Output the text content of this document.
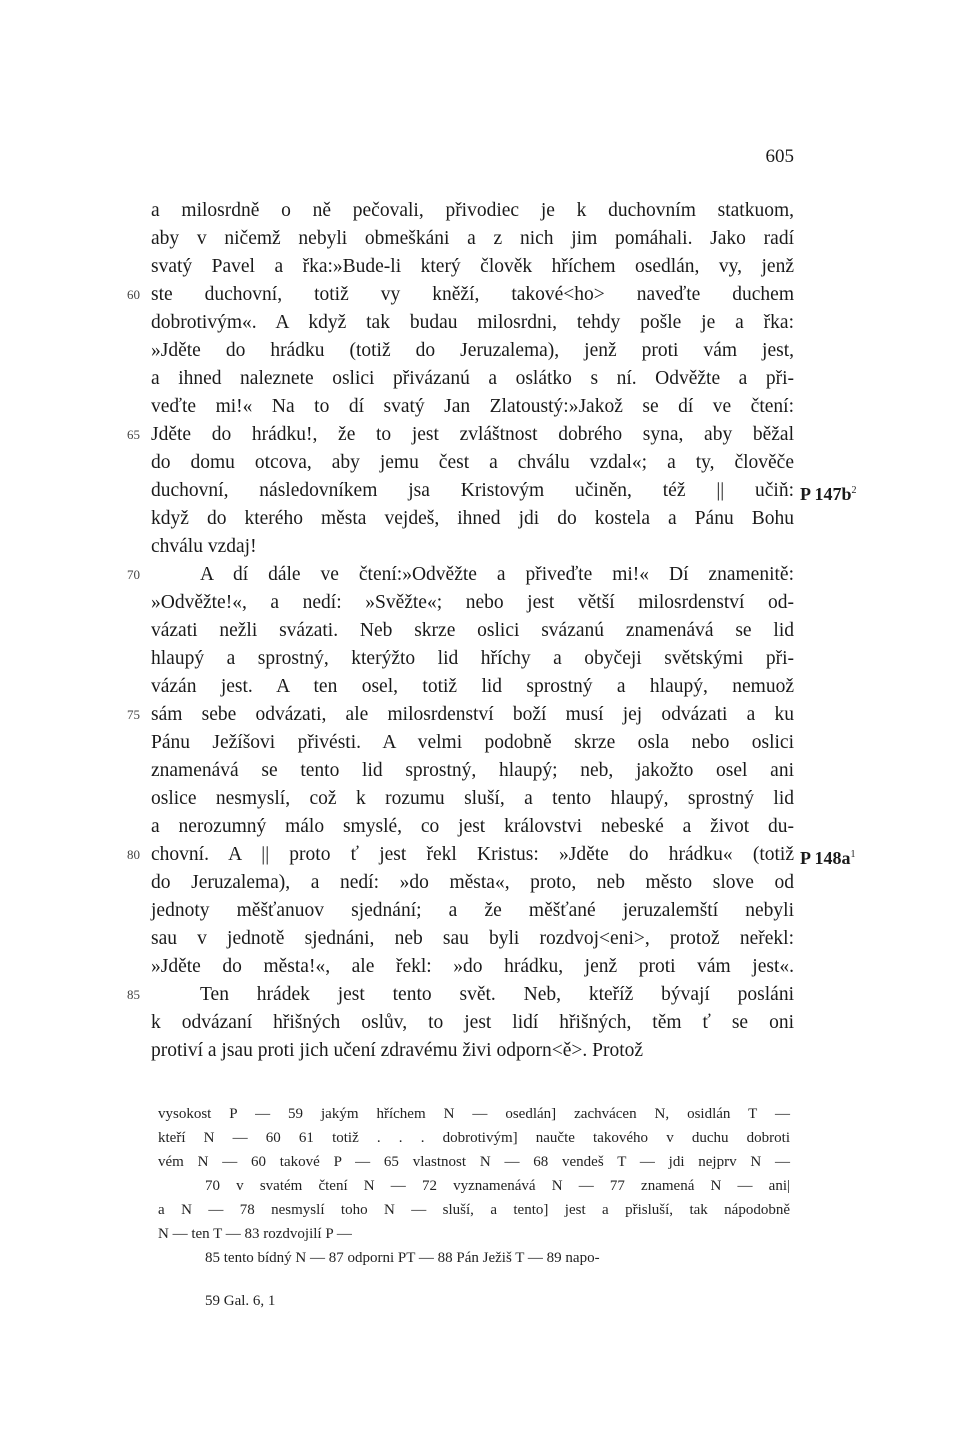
605
a milosrdně o ně pečovali, přivodiec je k duchovním statkuom,
aby v ničemž nebyli obmeškáni a z nich jim pomáhali. Jako radí
svatý Pavel a řka:»Bude-li který člověk hříchem osedlán, vy, jenž
60 ste duchovní, totiž vy kněží, takové<ho> naveďte duchem
dobrotivým«. A když tak budau milosrdni, tehdy pošle je a řka:
»Jděte do hrádku (totiž do Jeruzalema), jenž proti vám jest,
a ihned naleznete oslici přivázanú a oslátko s ní. Odvěžte a při-
veďte mi!« Na to dí svatý Jan Zlatoustý:»Jakož se dí ve čtení:
65 Jděte do hrádku!, že to jest zvláštnost dobrého syna, aby běžal
do domu otcova, aby jemu čest a chválu vzdal«; a ty, člověče
duchovní, následovníkem jsa Kristovým učiněn, též || učiň: P $147b^2$
když do kterého města vejdeš, ihned jdi do kostela a Pánu Bohu
chválu vzdaj!
70	A dí dále ve čtení:»Odvěžte a přiveďte mi!« Dí znamenitě:
»Odvěžte!«, a nedí: »Svěžte«; nebo jest větší milosrdenství od-
vázati nežli svázati. Neb skrze oslici svázanú znamenává se lid
hlaupý a sprostný, kterýžto lid hříchy a obyčeji světskými při-
vázán jest. A ten osel, totiž lid sprostný a hlaupý, nemuož
75 sám sebe odvázati, ale milosrdenství boží musí jej odvázati a ku
Pánu Ježíšovi přivésti. A velmi podobně skrze osla nebo oslici
znamenává se tento lid sprostný, hlaupý; neb, jakožto osel ani
oslice nesmyslí, což k rozumu sluší, a tento hlaupý, sprostný lid
a nerozumný málo smyslé, co jest královstvi nebeské a život du-
80 chovní. A || proto ť jest řekl Kristus: »Jděte do hrádku« (totiž P $148a^1$
do Jeruzalema), a nedí: »do města«, proto, neb město slove od
jednoty měšťanuov sjednání; a že měšťané jeruzalemští nebyli
sau v jednotě sjednáni, neb sau byli rozdvoj<eni>, protož neřekl:
»Jděte do města!«, ale řekl: »do hrádku, jenž proti vám jest«.
85	Ten hrádek jest tento svět. Neb, kteříž bývají posláni
k odvázaní hřišných oslův, to jest lidí hřišných, těm ť se oni
protiví a jsau proti jich učení zdravému živi odporn<ě>. Protož
vysokost P — 59 jakým hříchem N — osedlán] zachvácen N, osidlán T —
kteří N — 60 61 totiž . . . dobrotivým] naučte takového v duchu dobroti
vém N — 60 takové P — 65 vlastnost N — 68 vendeš T — jdi nejprv N —
70 v svatém čtení N — 72 vyznamenává N — 77 znamená N — ani|
a N — 78 nesmyslí toho N — sluší, a tento] jest a přisluší, tak nápodobně
N — ten T — 83 rozdvojilí P —
85 tento bídný N — 87 odporni PT — 88 Pán Ježiš T — 89 napo-
59 Gal. 6, 1
